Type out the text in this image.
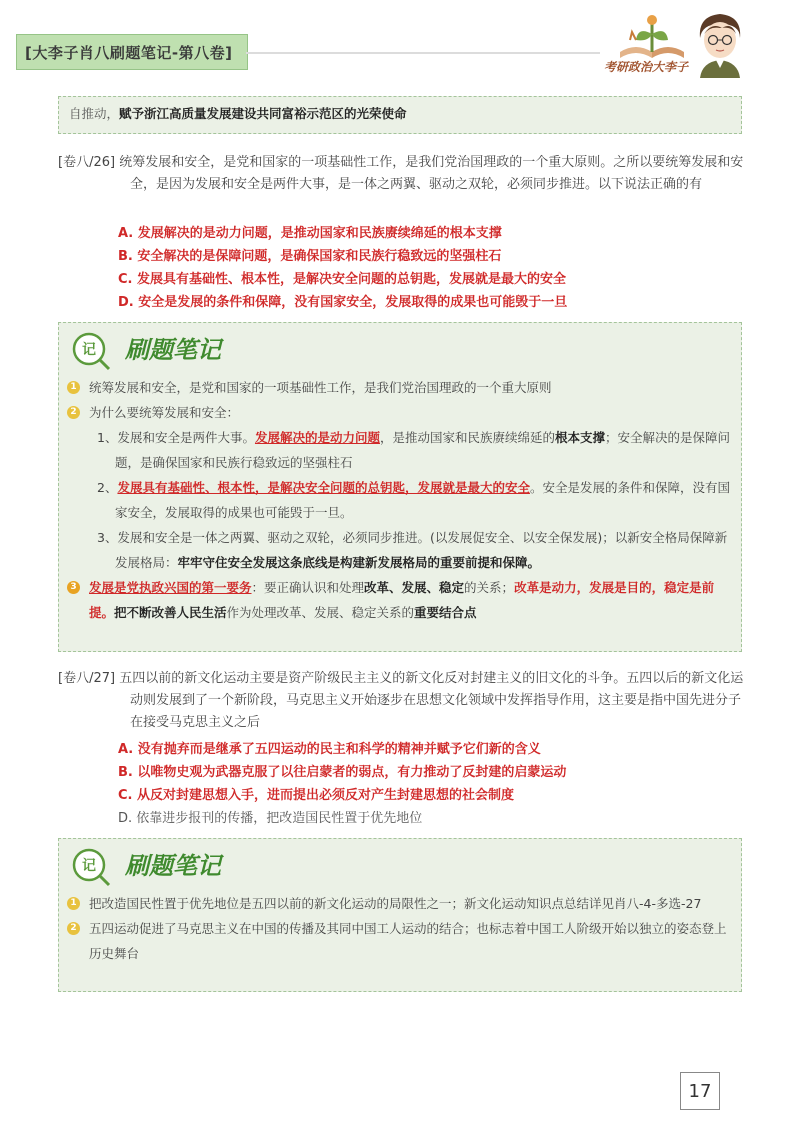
[大李子肖八刷题笔记-第八卷]
考研政治大李子
自推动，赋予浙江高质量发展建设共同富裕示范区的光荣使命
[卷八/26] 统筹发展和安全，是党和国家的一项基础性工作，是我们党治国理政的一个重大原则。之所以要统筹发展和安全，是因为发展和安全是两件大事，是一体之两翼、驱动之双轮，必须同步推进。以下说法正确的有
A. 发展解决的是动力问题，是推动国家和民族赓续绵延的根本支撑
B. 安全解决的是保障问题，是确保国家和民族行稳致远的坚强柱石
C. 发展具有基础性、根本性，是解决安全问题的总钥匙，发展就是最大的安全
D. 安全是发展的条件和保障，没有国家安全，发展取得的成果也可能毁于一旦
记 刷题笔记
1 统筹发展和安全，是党和国家的一项基础性工作，是我们党治国理政的一个重大原则
2 为什么要统筹发展和安全：
1、发展和安全是两件大事。发展解决的是动力问题，是推动国家和民族赓续绵延的根本支撑；安全解决的是保障问题，是确保国家和民族行稳致远的坚强柱石
2、发展具有基础性、根本性，是解决安全问题的总钥匙，发展就是最大的安全。安全是发展的条件和保障，没有国家安全，发展取得的成果也可能毁于一旦。
3、发展和安全是一体之两翼、驱动之双轮，必须同步推进。(以发展促安全、以安全保发展)；以新安全格局保障新发展格局：牢牢守住安全发展这条底线是构建新发展格局的重要前提和保障。
3 发展是党执政兴国的第一要务：要正确认识和处理改革、发展、稳定的关系；改革是动力，发展是目的，稳定是前提。把不断改善人民生活作为处理改革、发展、稳定关系的重要结合点
[卷八/27] 五四以前的新文化运动主要是资产阶级民主主义的新文化反对封建主义的旧文化的斗争。五四以后的新文化运动则发展到了一个新阶段，马克思主义开始逐步在思想文化领域中发挥指导作用，这主要是指中国先进分子在接受马克思主义之后
A. 没有抛弃而是继承了五四运动的民主和科学的精神并赋予它们新的含义
B. 以唯物史观为武器克服了以往启蒙者的弱点，有力推动了反封建的启蒙运动
C. 从反对封建思想入手，进而提出必须反对产生封建思想的社会制度
D. 依靠进步报刊的传播，把改造国民性置于优先地位
记 刷题笔记
1 把改造国民性置于优先地位是五四以前的新文化运动的局限性之一；新文化运动知识点总结详见肖八-4-多选-27
2 五四运动促进了马克思主义在中国的传播及其同中国工人运动的结合；也标志着中国工人阶级开始以独立的姿态登上历史舞台
17
